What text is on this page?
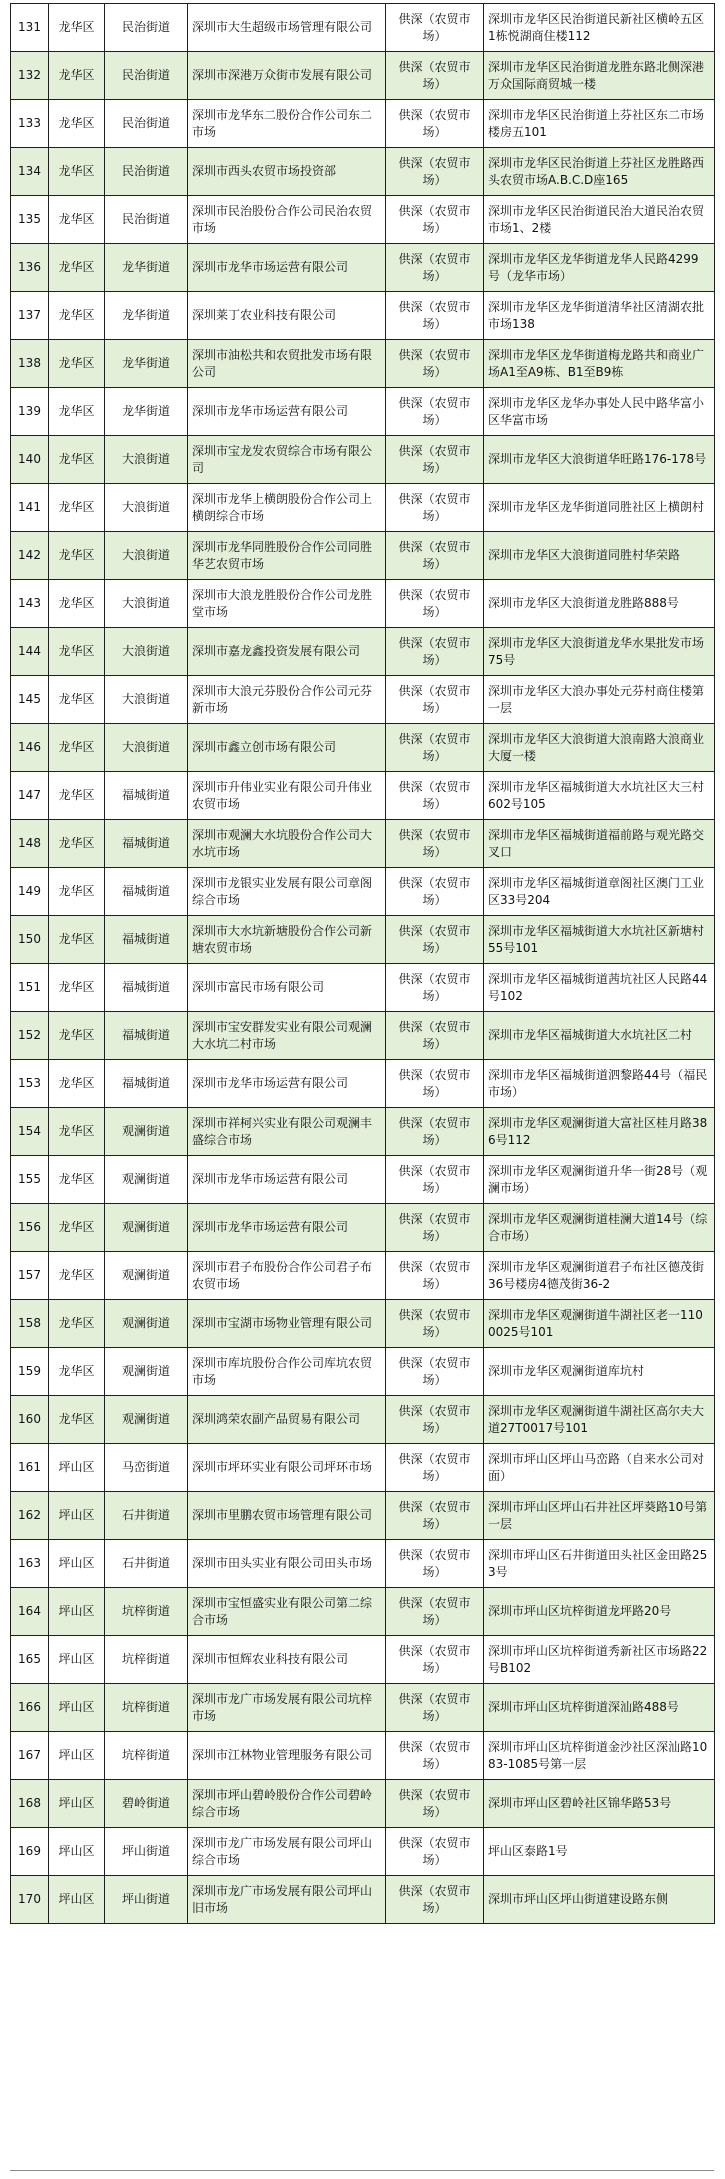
131	龙华区	民治街道	深圳市大生超级市场管理有限公司	供深（农贸市场）	深圳市龙华区民治街道民新社区横岭五区1栋悦湖商住楼112
132	龙华区	民治街道	深圳市深港万众街市发展有限公司	供深（农贸市场）	深圳市龙华区民治街道龙胜东路北侧深港万众国际商贸城一楼
133	龙华区	民治街道	深圳市龙华东二股份合作公司东二市场	供深（农贸市场）	深圳市龙华区民治街道上芬社区东二市场楼房五101
134	龙华区	民治街道	深圳市西头农贸市场投资部	供深（农贸市场）	深圳市龙华区民治街道上芬社区龙胜路西头农贸市场A.B.C.D座165
135	龙华区	民治街道	深圳市民治股份合作公司民治农贸市场	供深（农贸市场）	深圳市龙华区民治街道民治大道民治农贸市场1、2楼
136	龙华区	龙华街道	深圳市龙华市场运营有限公司	供深（农贸市场）	深圳市龙华区龙华街道龙华人民路4299号（龙华市场）
137	龙华区	龙华街道	深圳莱丁农业科技有限公司	供深（农贸市场）	深圳市龙华区龙华街道清华社区清湖农批市场138
138	龙华区	龙华街道	深圳市油松共和农贸批发市场有限公司	供深（农贸市场）	深圳市龙华区龙华街道梅龙路共和商业广场A1至A9栋、B1至B9栋
139	龙华区	龙华街道	深圳市龙华市场运营有限公司	供深（农贸市场）	深圳市龙华区龙华办事处人民中路华富小区华富市场
140	龙华区	大浪街道	深圳市宝龙发农贸综合市场有限公司	供深（农贸市场）	深圳市龙华区大浪街道华旺路176-178号
141	龙华区	大浪街道	深圳市龙华上横朗股份合作公司上横朗综合市场	供深（农贸市场）	深圳市龙华区龙华街道同胜社区上横朗村
142	龙华区	大浪街道	深圳市龙华同胜股份合作公司同胜华艺农贸市场	供深（农贸市场）	深圳市龙华区大浪街道同胜村华荣路
143	龙华区	大浪街道	深圳市大浪龙胜股份合作公司龙胜堂市场	供深（农贸市场）	深圳市龙华区大浪街道龙胜路888号
144	龙华区	大浪街道	深圳市嘉龙鑫投资发展有限公司	供深（农贸市场）	深圳市龙华区大浪街道龙华水果批发市场75号
145	龙华区	大浪街道	深圳市大浪元芬股份合作公司元芬新市场	供深（农贸市场）	深圳市龙华区大浪办事处元芬村商住楼第一层
146	龙华区	大浪街道	深圳市鑫立创市场有限公司	供深（农贸市场）	深圳市龙华区大浪街道大浪南路大浪商业大厦一楼
147	龙华区	福城街道	深圳市升伟业实业有限公司升伟业农贸市场	供深（农贸市场）	深圳市龙华区福城街道大水坑社区大三村602号105
148	龙华区	福城街道	深圳市观澜大水坑股份合作公司大水坑市场	供深（农贸市场）	深圳市龙华区福城街道福前路与观光路交叉口
149	龙华区	福城街道	深圳市龙银实业发展有限公司章阁综合市场	供深（农贸市场）	深圳市龙华区福城街道章阁社区澳门工业区33号204
150	龙华区	福城街道	深圳市大水坑新塘股份合作公司新塘农贸市场	供深（农贸市场）	深圳市龙华区福城街道大水坑社区新塘村55号101
151	龙华区	福城街道	深圳市富民市场有限公司	供深（农贸市场）	深圳市龙华区福城街道茜坑社区人民路44号102
152	龙华区	福城街道	深圳市宝安群发实业有限公司观澜大水坑二村市场	供深（农贸市场）	深圳市龙华区福城街道大水坑社区二村
153	龙华区	福城街道	深圳市龙华市场运营有限公司	供深（农贸市场）	深圳市龙华区福城街道泗黎路44号（福民市场）
154	龙华区	观澜街道	深圳市祥柯兴实业有限公司观澜丰盛综合市场	供深（农贸市场）	深圳市龙华区观澜街道大富社区桂月路386号112
155	龙华区	观澜街道	深圳市龙华市场运营有限公司	供深（农贸市场）	深圳市龙华区观澜街道升华一街28号（观澜市场）
156	龙华区	观澜街道	深圳市龙华市场运营有限公司	供深（农贸市场）	深圳市龙华区观澜街道桂澜大道14号（综合市场）
157	龙华区	观澜街道	深圳市君子布股份合作公司君子布农贸市场	供深（农贸市场）	深圳市龙华区观澜街道君子布社区德茂街36号楼房4德茂街36-2
158	龙华区	观澜街道	深圳市宝湖市场物业管理有限公司	供深（农贸市场）	深圳市龙华区观澜街道牛湖社区老一1100025号101
159	龙华区	观澜街道	深圳市库坑股份合作公司库坑农贸市场	供深（农贸市场）	深圳市龙华区观澜街道库坑村
160	龙华区	观澜街道	深圳鸿荣农副产品贸易有限公司	供深（农贸市场）	深圳市龙华区观澜街道牛湖社区高尔夫大道27T0017号101
161	坪山区	马峦街道	深圳市坪环实业有限公司坪环市场	供深（农贸市场）	深圳市坪山区坪山马峦路（自来水公司对面）
162	坪山区	石井街道	深圳市里鹏农贸市场管理有限公司	供深（农贸市场）	深圳市坪山区坪山石井社区坪葵路10号第一层
163	坪山区	石井街道	深圳市田头实业有限公司田头市场	供深（农贸市场）	深圳市坪山区石井街道田头社区金田路253号
164	坪山区	坑梓街道	深圳市宝恒盛实业有限公司第二综合市场	供深（农贸市场）	深圳市坪山区坑梓街道龙坪路20号
165	坪山区	坑梓街道	深圳市恒辉农业科技有限公司	供深（农贸市场）	深圳市坪山区坑梓街道秀新社区市场路22号B102
166	坪山区	坑梓街道	深圳市龙广市场发展有限公司坑梓市场	供深（农贸市场）	深圳市坪山区坑梓街道深汕路488号
167	坪山区	坑梓街道	深圳市江林物业管理服务有限公司	供深（农贸市场）	深圳市坪山区坑梓街道金沙社区深汕路1083-1085号第一层
168	坪山区	碧岭街道	深圳市坪山碧岭股份合作公司碧岭综合市场	供深（农贸市场）	深圳市坪山区碧岭社区锦华路53号
169	坪山区	坪山街道	深圳市龙广市场发展有限公司坪山综合市场	供深（农贸市场）	坪山区泰路1号
170	坪山区	坪山街道	深圳市龙广市场发展有限公司坪山旧市场	供深（农贸市场）	深圳市坪山区坪山街道建设路东侧
